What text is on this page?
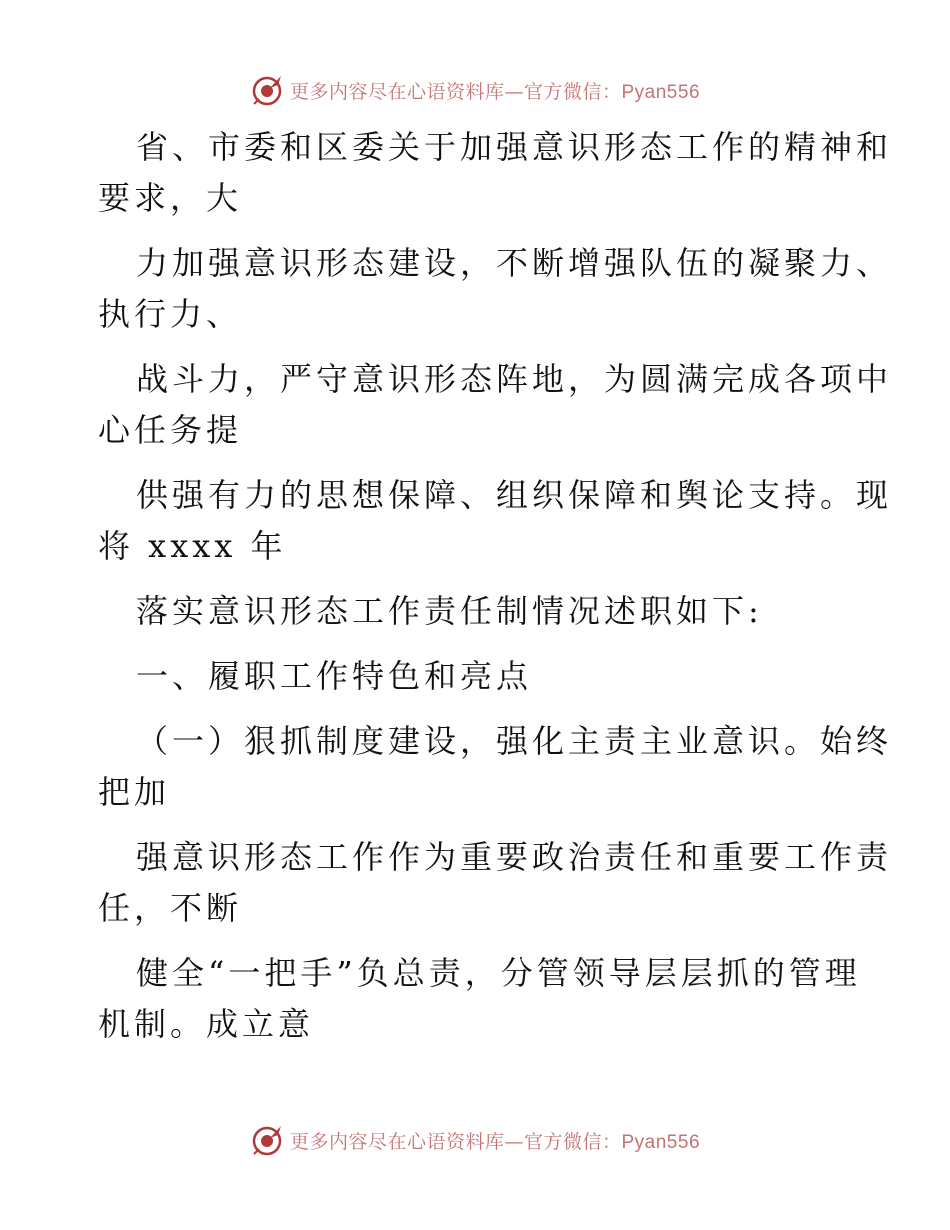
更多内容尽在心语资料库—官方微信：Pyan556
省、市委和区委关于加强意识形态工作的精神和
要求，大
力加强意识形态建设，不断增强队伍的凝聚力、
执行力、
战斗力，严守意识形态阵地，为圆满完成各项中
心任务提
供强有力的思想保障、组织保障和舆论支持。现
将 xxxx 年
落实意识形态工作责任制情况述职如下:
一、履职工作特色和亮点
（一）狠抓制度建设，强化主责主业意识。始终
把加
强意识形态工作作为重要政治责任和重要工作责
任，不断
健全“一把手”负总责，分管领导层层抓的管理
机制。成立意
更多内容尽在心语资料库—官方微信：Pyan556
